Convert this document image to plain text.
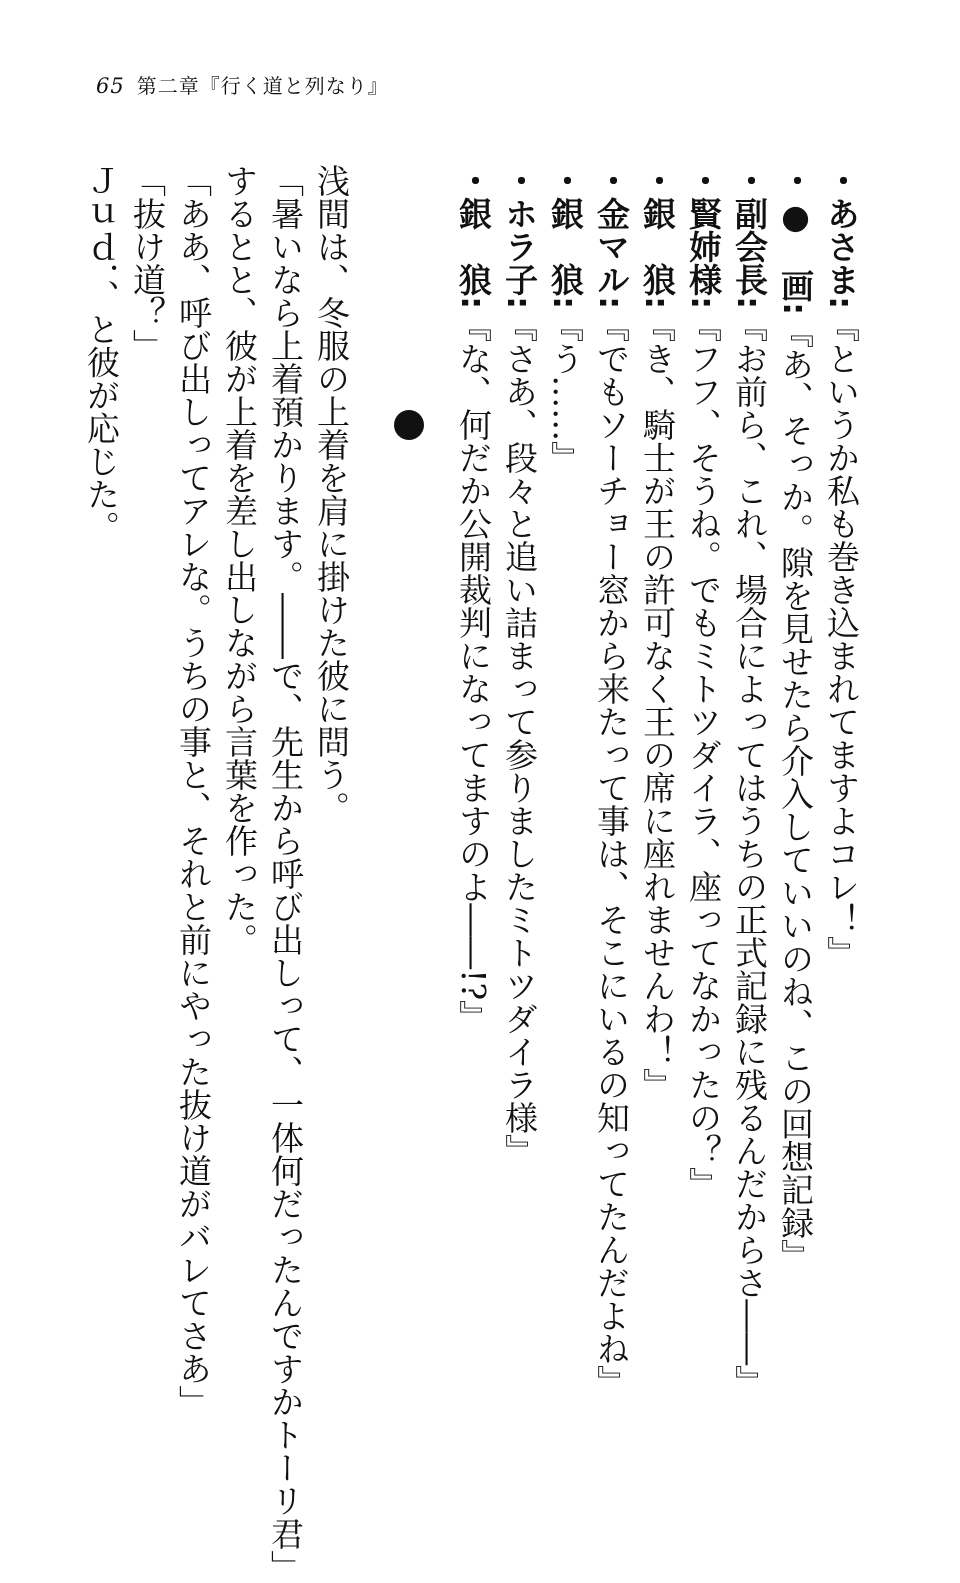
65 第二章『行く道と列なり』
・あさま:『というか私も巻き込まれてますよコレ！』
・●　画:『あ、そっか。隙を見せたら介入していいのね、この回想記録』
・副会長:『お前ら、これ、場合によってはうちの正式記録に残るんだからさ――』
・賢姉様:『フフ、そうね。でもミトツダイラ、座ってなかったの？』
・銀　狼:『き、騎士が王の許可なく王の席に座れませんわ！』
・金マル:『でもソーチョー窓から来たって事は、そこにいるの知ってたんだよね』
・銀　狼:『う……』
・ホラ子:『さあ、段々と追い詰まって参りましたミトツダイラ様』
・銀　狼:『な、何だか公開裁判になってますのよ――!?』
浅間は、冬服の上着を肩に掛けた彼に問う。
「暑いなら上着預かります。――で、先生から呼び出しって、一体何だったんですかトーリ君」
するとと、彼が上着を差し出しながら言葉を作った。
「ああ、呼び出しってアレな。うちの事と、それと前にやった抜け道がバレてさあ」
「抜け道？」
Ｊｕｄ．、と彼が応じた。
